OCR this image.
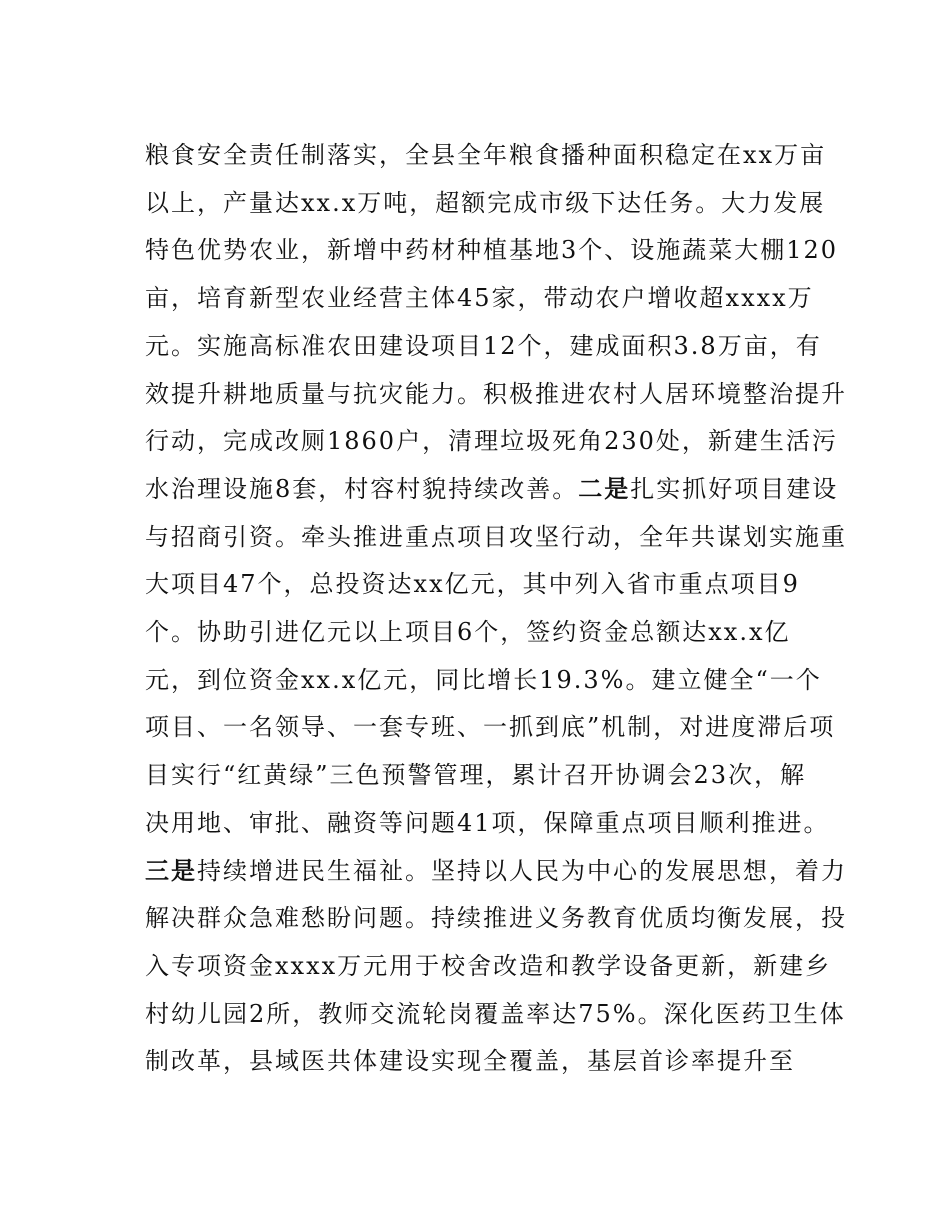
粮食安全责任制落实，全县全年粮食播种面积稳定在xx万亩
以上，产量达xx.x万吨，超额完成市级下达任务。大力发展
特色优势农业，新增中药材种植基地3个、设施蔬菜大棚120
亩，培育新型农业经营主体45家，带动农户增收超xxxx万
元。实施高标准农田建设项目12个，建成面积3.8万亩，有
效提升耕地质量与抗灾能力。积极推进农村人居环境整治提升
行动，完成改厕1860户，清理垃圾死角230处，新建生活污
水治理设施8套，村容村貌持续改善。二是扎实抓好项目建设
与招商引资。牵头推进重点项目攻坚行动，全年共谋划实施重
大项目47个，总投资达xx亿元，其中列入省市重点项目9
个。协助引进亿元以上项目6个，签约资金总额达xx.x亿
元，到位资金xx.x亿元，同比增长19.3%。建立健全“一个
项目、一名领导、一套专班、一抓到底”机制，对进度滞后项
目实行“红黄绿”三色预警管理，累计召开协调会23次，解
决用地、审批、融资等问题41项，保障重点项目顺利推进。
三是持续增进民生福祉。坚持以人民为中心的发展思想，着力
解决群众急难愁盼问题。持续推进义务教育优质均衡发展，投
入专项资金xxxx万元用于校舍改造和教学设备更新，新建乡
村幼儿园2所，教师交流轮岗覆盖率达75%。深化医药卫生体
制改革，县域医共体建设实现全覆盖，基层首诊率提升至
